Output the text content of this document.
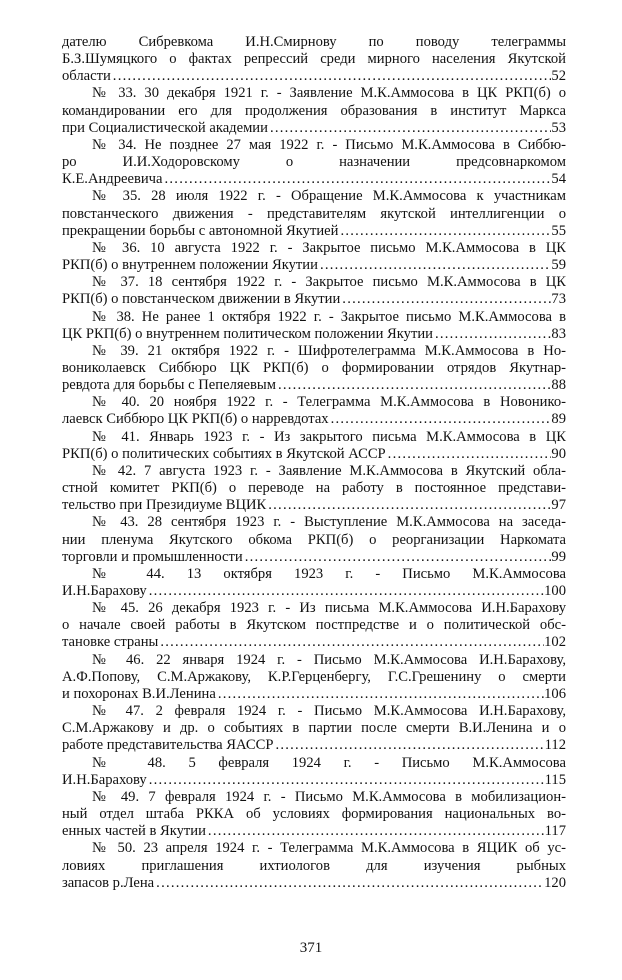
дателю Сибревкома И.Н.Смирнову по поводу телеграммы
Б.З.Шумяцкого о фактах репрессий среди мирного населения Якутской
области . . .	52
№ 33. 30 декабря 1921 г. - Заявление М.К.Аммосова в ЦК РКП(б) о
командировании его для продолжения образования в институт Маркса
при Социалистической академии . . .	53
№ 34. Не позднее 27 мая 1922 г. - Письмо М.К.Аммосова в Сиббю-
ро И.И.Ходоровскому о назначении предсовнаркомом
К.Е.Андреевича . . .	54
№ 35. 28 июля 1922 г. - Обращение М.К.Аммосова к участникам
повстанческого движения - представителям якутской интеллигенции о
прекращении борьбы с автономной Якутией . . .	55
№ 36. 10 августа 1922 г. - Закрытое письмо М.К.Аммосова в ЦК
РКП(б) о внутреннем положении Якутии . . .	59
№ 37. 18 сентября 1922 г. - Закрытое письмо М.К.Аммосова в ЦК
РКП(б) о повстанческом движении в Якутии . . .	73
№ 38. Не ранее 1 октября 1922 г. - Закрытое письмо М.К.Аммосова в
ЦК РКП(б) о внутреннем политическом положении Якутии . . .	83
№ 39. 21 октября 1922 г. - Шифротелеграмма М.К.Аммосова в Но-
вониколаевск Сиббюро ЦК РКП(б) о формировании отрядов Якутнар-
ревдота для борьбы с Пепеляевым . . .	88
№ 40. 20 ноября 1922 г. - Телеграмма М.К.Аммосова в Новонико-
лаевск Сиббюро ЦК РКП(б) о нарревдотах . . .	89
№ 41. Январь 1923 г. - Из закрытого письма М.К.Аммосова в ЦК
РКП(б) о политических событиях в Якутской АССР . . .	90
№ 42. 7 августа 1923 г. - Заявление М.К.Аммосова в Якутский обла-
стной комитет РКП(б) о переводе на работу в постоянное представи-
тельство при Президиуме ВЦИК . . .	97
№ 43. 28 сентября 1923 г. - Выступление М.К.Аммосова на заседа-
нии пленума Якутского обкома РКП(б) о реорганизации Наркомата
торговли и промышленности . . .	99
№ 44. 13 октября 1923 г. - Письмо М.К.Аммосова
И.Н.Барахову . . .	100
№ 45. 26 декабря 1923 г. - Из письма М.К.Аммосова И.Н.Барахову
о начале своей работы в Якутском постпредстве и о политической обс-
тановке страны . . .	102
№ 46. 22 января 1924 г. - Письмо М.К.Аммосова И.Н.Барахову,
А.Ф.Попову, С.М.Аржакову, К.Р.Герценбергу, Г.С.Грешенину о смерти
и похоронах В.И.Ленина . . .	106
№ 47. 2 февраля 1924 г. - Письмо М.К.Аммосова И.Н.Барахову,
С.М.Аржакову и др. о событиях в партии после смерти В.И.Ленина и о
работе представительства ЯАССР . . .	112
№ 48. 5 февраля 1924 г. - Письмо М.К.Аммосова
И.Н.Барахову . . .	115
№ 49. 7 февраля 1924 г. - Письмо М.К.Аммосова в мобилизацион-
ный отдел штаба РККА об условиях формирования национальных во-
енных частей в Якутии . . .	117
№ 50. 23 апреля 1924 г. - Телеграмма М.К.Аммосова в ЯЦИК об ус-
ловиях приглашения ихтиологов для изучения рыбных
запасов р.Лена . . .	120
371
